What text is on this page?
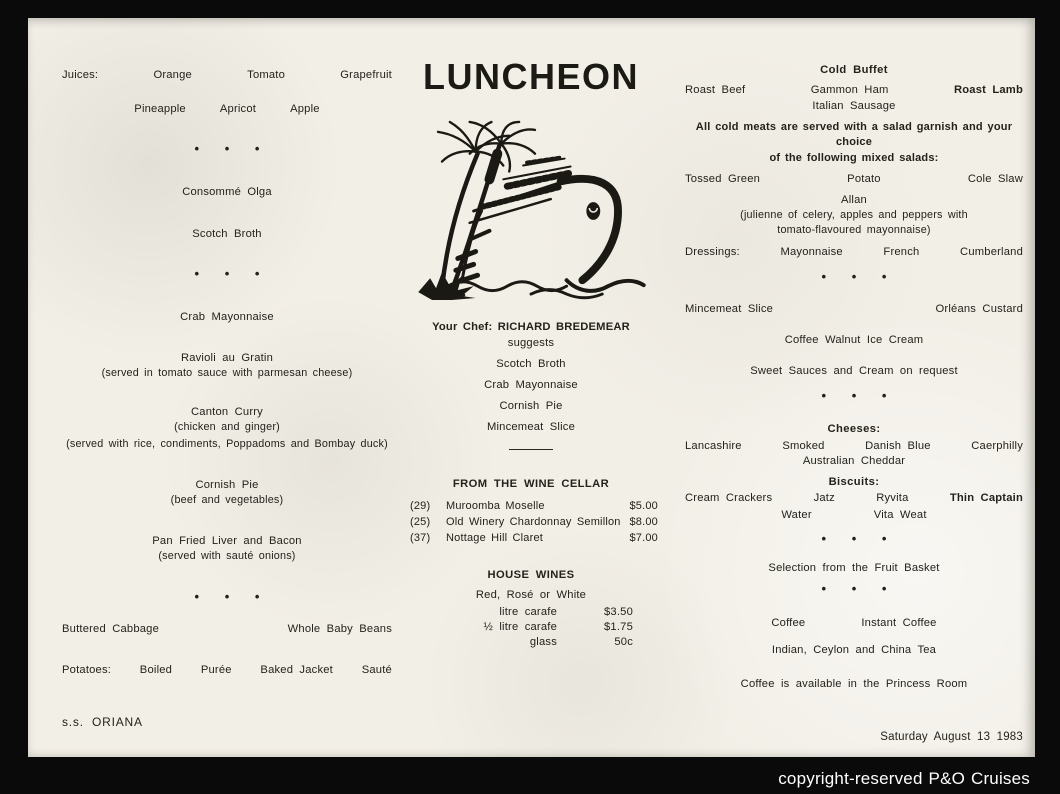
Juices:	Orange	Tomato	Grapefruit
Pineapple	Apricot	Apple
• • •
Consommé Olga
Scotch Broth
• • •
Crab Mayonnaise
Ravioli au Gratin
(served in tomato sauce with parmesan cheese)
Canton Curry
(chicken and ginger)
(served with rice, condiments, Poppadoms and Bombay duck)
Cornish Pie
(beef and vegetables)
Pan Fried Liver and Bacon
(served with sauté onions)
• • •
Buttered Cabbage	Whole Baby Beans
Potatoes:	Boiled	Purée	Baked Jacket	Sauté
s.s. ORIANA
LUNCHEON
Your Chef: RICHARD BREDEMEAR
suggests
Scotch Broth
Crab Mayonnaise
Cornish Pie
Mincemeat Slice
FROM THE WINE CELLAR
(29)	Muroomba Moselle	$5.00
(25)	Old Winery Chardonnay Semillon $8.00
(37)	Nottage Hill Claret	$7.00
HOUSE WINES
Red, Rosé or White
litre carafe	$3.50
½ litre carafe	$1.75
glass	50c
Cold Buffet
Roast Beef	Gammon Ham	Roast Lamb
Italian Sausage
All cold meats are served with a salad garnish and your choice
of the following mixed salads:
Tossed Green	Potato	Cole Slaw
Allan
(julienne of celery, apples and peppers with
tomato-flavoured mayonnaise)
Dressings:	Mayonnaise	French	Cumberland
• • •
Mincemeat Slice	Orléans Custard
Coffee Walnut Ice Cream
Sweet Sauces and Cream on request
• • •
Cheeses:
Lancashire	Smoked	Danish Blue	Caerphilly
Australian Cheddar
Biscuits:
Cream Crackers	Jatz	Ryvita	Thin Captain
Water	Vita Weat
• • •
Selection from the Fruit Basket
• • •
Coffee	Instant Coffee
Indian, Ceylon and China Tea
Coffee is available in the Princess Room
Saturday August 13 1983
copyright-reserved P&O Cruises
